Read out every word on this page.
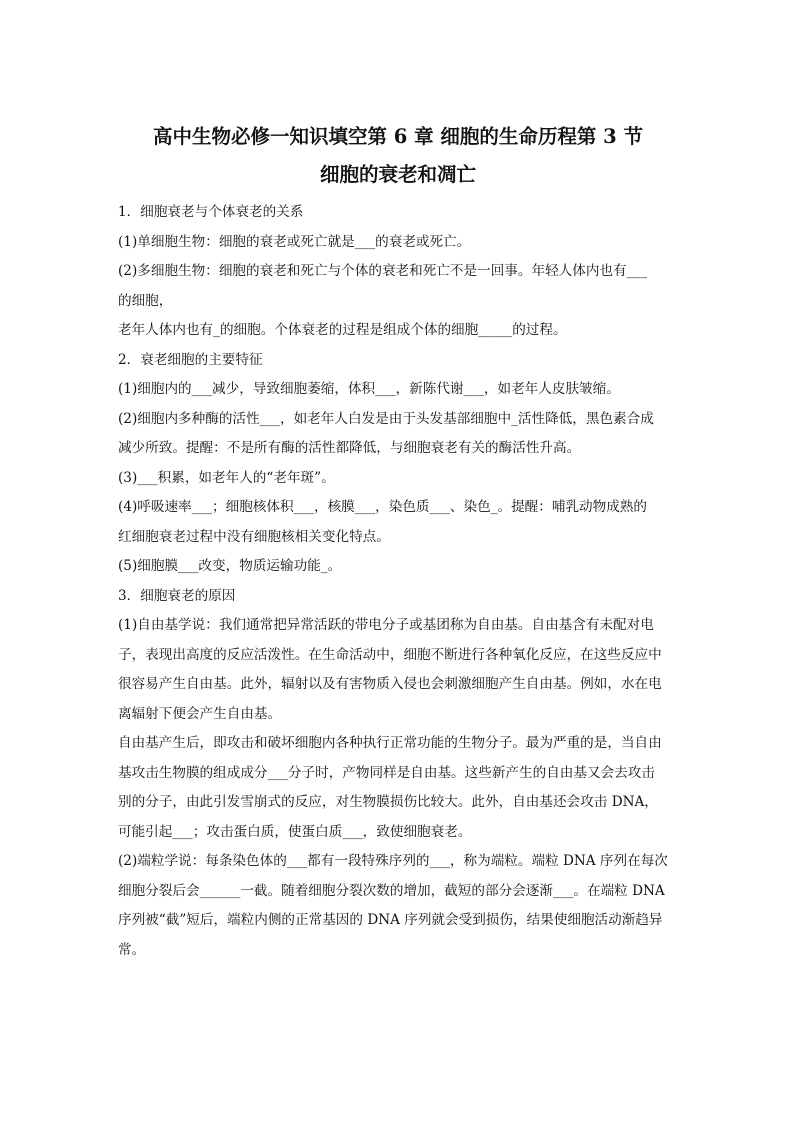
高中生物必修一知识填空第 6 章 细胞的生命历程第 3 节
细胞的衰老和凋亡

1．细胞衰老与个体衰老的关系

(1)单细胞生物：细胞的衰老或死亡就是___的衰老或死亡。

(2)多细胞生物：细胞的衰老和死亡与个体的衰老和死亡不是一回事。年轻人体内也有___

的细胞，

老年人体内也有_的细胞。个体衰老的过程是组成个体的细胞_____的过程。

2．衰老细胞的主要特征

(1)细胞内的___减少，导致细胞萎缩，体积___，新陈代谢___，如老年人皮肤皱缩。

(2)细胞内多种酶的活性___，如老年人白发是由于头发基部细胞中_活性降低，黑色素合成

减少所致。提醒：不是所有酶的活性都降低，与细胞衰老有关的酶活性升高。

(3)___积累，如老年人的“老年斑”。

(4)呼吸速率___；细胞核体积___，核膜___，染色质___、染色_。提醒：哺乳动物成熟的

红细胞衰老过程中没有细胞核相关变化特点。

(5)细胞膜___改变，物质运输功能_。

3．细胞衰老的原因

(1)自由基学说：我们通常把异常活跃的带电分子或基团称为自由基。自由基含有未配对电

子，表现出高度的反应活泼性。在生命活动中，细胞不断进行各种氧化反应，在这些反应中

很容易产生自由基。此外，辐射以及有害物质入侵也会刺激细胞产生自由基。例如，水在电

离辐射下便会产生自由基。

自由基产生后，即攻击和破坏细胞内各种执行正常功能的生物分子。最为严重的是，当自由

基攻击生物膜的组成成分___分子时，产物同样是自由基。这些新产生的自由基又会去攻击

别的分子，由此引发雪崩式的反应，对生物膜损伤比较大。此外，自由基还会攻击 DNA，

可能引起___；攻击蛋白质，使蛋白质___，致使细胞衰老。

(2)端粒学说：每条染色体的___都有一段特殊序列的___，称为端粒。端粒 DNA 序列在每次

细胞分裂后会______一截。随着细胞分裂次数的增加，截短的部分会逐渐___。在端粒 DNA

序列被“截”短后，端粒内侧的正常基因的 DNA 序列就会受到损伤，结果使细胞活动渐趋异

常。
